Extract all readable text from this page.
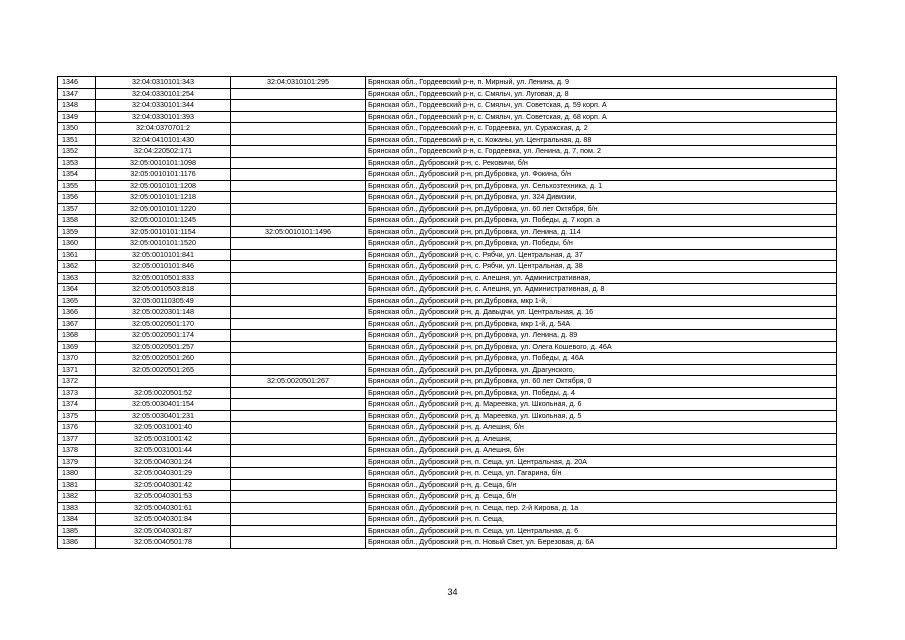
1346	32:04:0310101:343	32:04:0310101:295	Брянская обл., Гордеевский р-н, п. Мирный, ул. Ленина, д. 9
1347	32:04:0330101:254		Брянская обл., Гордеевский р-н, с. Смяльч, ул. Луговая, д. 8
1348	32:04:0330101:344		Брянская обл., Гордеевский р-н, с. Смяльч, ул. Советская, д. 59 корп. А
1349	32:04:0330101:393		Брянская обл., Гордеевский р-н, с. Смяльч, ул. Советская, д. 68 корп. А
1350	32:04:0370701:2		Брянская обл., Гордеевский р-н, с. Гордеевка, ул. Суражская, д. 2
1351	32:04:0410101:430		Брянская обл., Гордеевский р-н, с. Кожаны, ул. Центральная, д. 88
1352	32:04:220502:171		Брянская обл., Гордеевский р-н, с. Гордеевка, ул. Ленина, д. 7, пом. 2
1353	32:05:0010101:1098		Брянская обл., Дубровский р-н, с. Рековичи, б/н
1354	32:05:0010101:1176		Брянская обл., Дубровский р-н, рп.Дубровка, ул. Фокина, б/н
1355	32:05:0010101:1208		Брянская обл., Дубровский р-н, рп.Дубровка, ул. Сельхозтехника, д. 1
1356	32:05:0010101:1218		Брянская обл., Дубровский р-н, рп.Дубровка, ул. 324 Дивизии,
1357	32:05:0010101:1220		Брянская обл., Дубровский р-н, рп.Дубровка, ул. 60 лет Октября, б/н
1358	32:05:0010101:1245		Брянская обл., Дубровский р-н, рп.Дубровка, ул. Победы, д. 7 корп. а
1359	32:05:0010101:1154	32:05:0010101:1496	Брянская обл., Дубровский р-н, рп.Дубровка, ул. Ленина, д. 114
1360	32:05:0010101:1520		Брянская обл., Дубровский р-н, рп.Дубровка, ул. Победы, б/н
1361	32:05:0010101:841		Брянская обл., Дубровский р-н, с. Рябчи, ул. Центральная, д. 37
1362	32:05:0010101:846		Брянская обл., Дубровский р-н, с. Рябчи, ул. Центральная, д. 38
1363	32:05:0010501:833		Брянская обл., Дубровский р-н, с. Алешня, ул. Административная,
1364	32:05:0010503:818		Брянская обл., Дубровский р-н, с. Алешня, ул. Административная, д. 8
1365	32:05:00110305:49		Брянская обл., Дубровский р-н, рп.Дубровка, мкр 1-й,
1366	32:05:0020301:148		Брянская обл., Дубровский р-н, д. Давыдчи, ул. Центральная, д. 16
1367	32:05:0020501:170		Брянская обл., Дубровский р-н, рп.Дубровка, мкр 1-й, д. 54А
1368	32:05:0020501:174		Брянская обл., Дубровский р-н, рп.Дубровка, ул. Ленина, д. 89
1369	32:05:0020501:257		Брянская обл., Дубровский р-н, рп.Дубровка, ул. Олега Кошевого, д. 46А
1370	32:05:0020501:260		Брянская обл., Дубровский р-н, рп.Дубровка, ул. Победы, д. 46А
1371	32:05:0020501:265		Брянская обл., Дубровский р-н, рп.Дубровка, ул. Драгунского,
1372		32:05:0020501:267	Брянская обл., Дубровский р-н, рп.Дубровка, ул. 60 лет Октября, 0
1373	32:05:0020501:52		Брянская обл., Дубровский р-н, рп.Дубровка, ул. Победы, д. 4
1374	32:05:0030401:154		Брянская обл., Дубровский р-н, д. Мареевка, ул. Школьная, д. 6
1375	32:05:0030401:231		Брянская обл., Дубровский р-н, д. Мареевка, ул. Школьная, д. 5
1376	32:05:0031001:40		Брянская обл., Дубровский р-н, д. Алешня, б/н
1377	32:05:0031001:42		Брянская обл., Дубровский р-н, д. Алешня,
1378	32:05:0031001:44		Брянская обл., Дубровский р-н, д. Алешня, б/н
1379	32:05:0040301:24		Брянская обл., Дубровский р-н, п. Сеща, ул. Центральная, д. 20А
1380	32:05:0040301:29		Брянская обл., Дубровский р-н, п. Сеща, ул. Гагарина, б/н
1381	32:05:0040301:42		Брянская обл., Дубровский р-н, д. Сеща, б/н
1382	32:05:0040301:53		Брянская обл., Дубровский р-н, д. Сеща, б/н
1383	32:05:0040301:61		Брянская обл., Дубровский р-н, п. Сеща, пер. 2-й Кирова, д. 1а
1384	32:05:0040301:84		Брянская обл., Дубровский р-н, п. Сеща,
1385	32:05:0040301:87		Брянская обл., Дубровский р-н, п. Сеща, ул. Центральная, д. 6
1386	32:05:0040501:78		Брянская обл., Дубровский р-н, п. Новый Свет, ул. Березовая, д. 6А
34
